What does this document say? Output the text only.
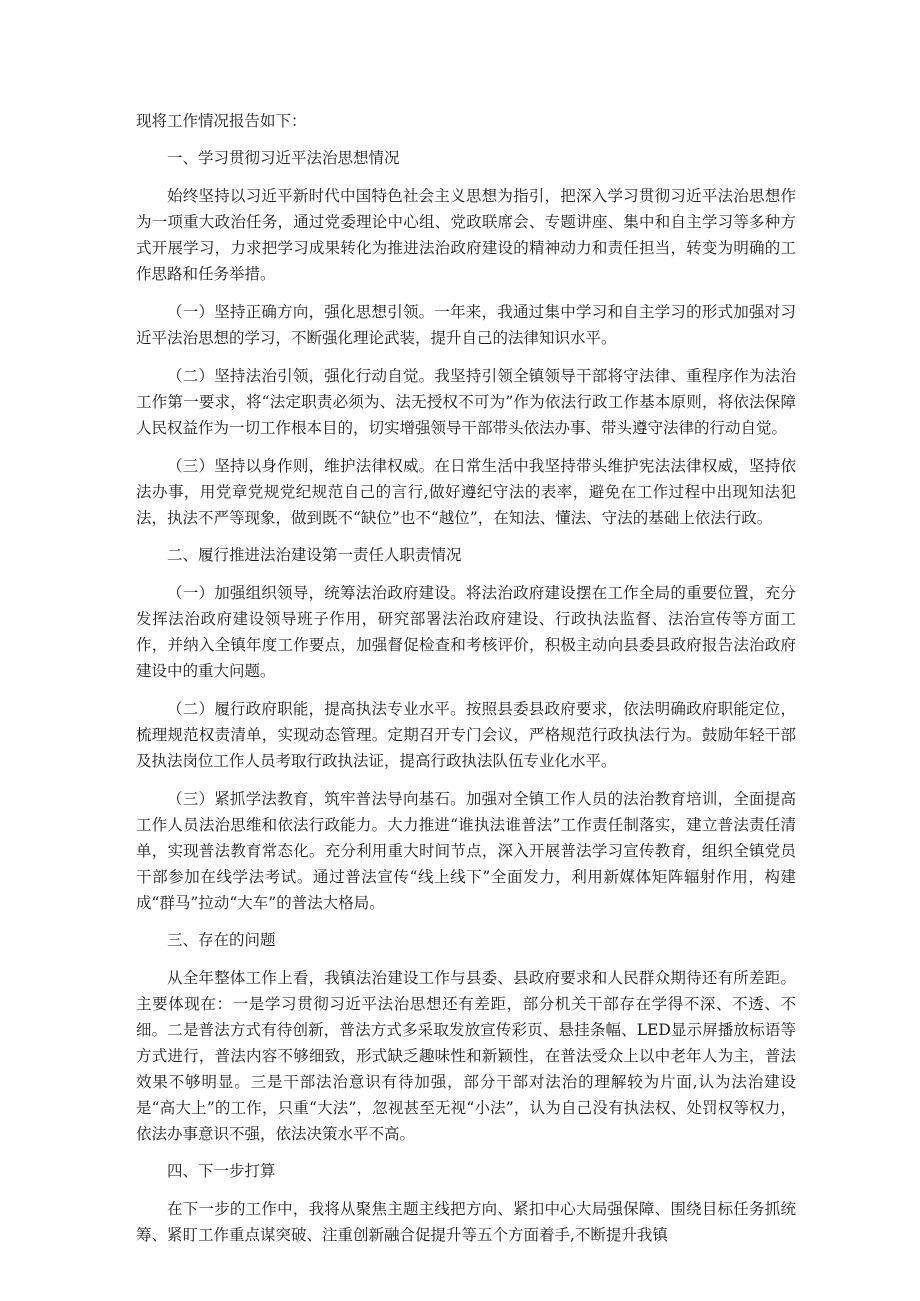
现将工作情况报告如下：

一、学习贯彻习近平法治思想情况

始终坚持以习近平新时代中国特色社会主义思想为指引，把深入学习贯彻习近平法治思想作为一项重大政治任务，通过党委理论中心组、党政联席会、专题讲座、集中和自主学习等多种方式开展学习，力求把学习成果转化为推进法治政府建设的精神动力和责任担当，转变为明确的工作思路和任务举措。

（一）坚持正确方向，强化思想引领。一年来，我通过集中学习和自主学习的形式加强对习近平法治思想的学习，不断强化理论武装，提升自己的法律知识水平。

（二）坚持法治引领，强化行动自觉。我坚持引领全镇领导干部将守法律、重程序作为法治工作第一要求，将“法定职责必须为、法无授权不可为”作为依法行政工作基本原则，将依法保障人民权益作为一切工作根本目的，切实增强领导干部带头依法办事、带头遵守法律的行动自觉。

（三）坚持以身作则，维护法律权威。在日常生活中我坚持带头维护宪法法律权威，坚持依法办事，用党章党规党纪规范自己的言行,做好遵纪守法的表率，避免在工作过程中出现知法犯法，执法不严等现象，做到既不“缺位”也不“越位”，在知法、懂法、守法的基础上依法行政。

二、履行推进法治建设第一责任人职责情况

（一）加强组织领导，统筹法治政府建设。将法治政府建设摆在工作全局的重要位置，充分发挥法治政府建设领导班子作用，研究部署法治政府建设、行政执法监督、法治宣传等方面工作，并纳入全镇年度工作要点，加强督促检查和考核评价，积极主动向县委县政府报告法治政府建设中的重大问题。

（二）履行政府职能，提高执法专业水平。按照县委县政府要求，依法明确政府职能定位，梳理规范权责清单，实现动态管理。定期召开专门会议，严格规范行政执法行为。鼓励年轻干部及执法岗位工作人员考取行政执法证，提高行政执法队伍专业化水平。

（三）紧抓学法教育，筑牢普法导向基石。加强对全镇工作人员的法治教育培训，全面提高工作人员法治思维和依法行政能力。大力推进“谁执法谁普法”工作责任制落实，建立普法责任清单，实现普法教育常态化。充分利用重大时间节点，深入开展普法学习宣传教育，组织全镇党员干部参加在线学法考试。通过普法宣传“线上线下”全面发力，利用新媒体矩阵辐射作用，构建成“群马”拉动“大车”的普法大格局。

三、存在的问题

从全年整体工作上看，我镇法治建设工作与县委、县政府要求和人民群众期待还有所差距。主要体现在：一是学习贯彻习近平法治思想还有差距，部分机关干部存在学得不深、不透、不细。二是普法方式有待创新，普法方式多采取发放宣传彩页、悬挂条幅、LED显示屏播放标语等方式进行，普法内容不够细致，形式缺乏趣味性和新颖性，在普法受众上以中老年人为主，普法效果不够明显。三是干部法治意识有待加强，部分干部对法治的理解较为片面,认为法治建设是“高大上”的工作，只重“大法”，忽视甚至无视“小法”，认为自己没有执法权、处罚权等权力，依法办事意识不强，依法决策水平不高。

四、下一步打算

在下一步的工作中，我将从聚焦主题主线把方向、紧扣中心大局强保障、围绕目标任务抓统筹、紧盯工作重点谋突破、注重创新融合促提升等五个方面着手,不断提升我镇
